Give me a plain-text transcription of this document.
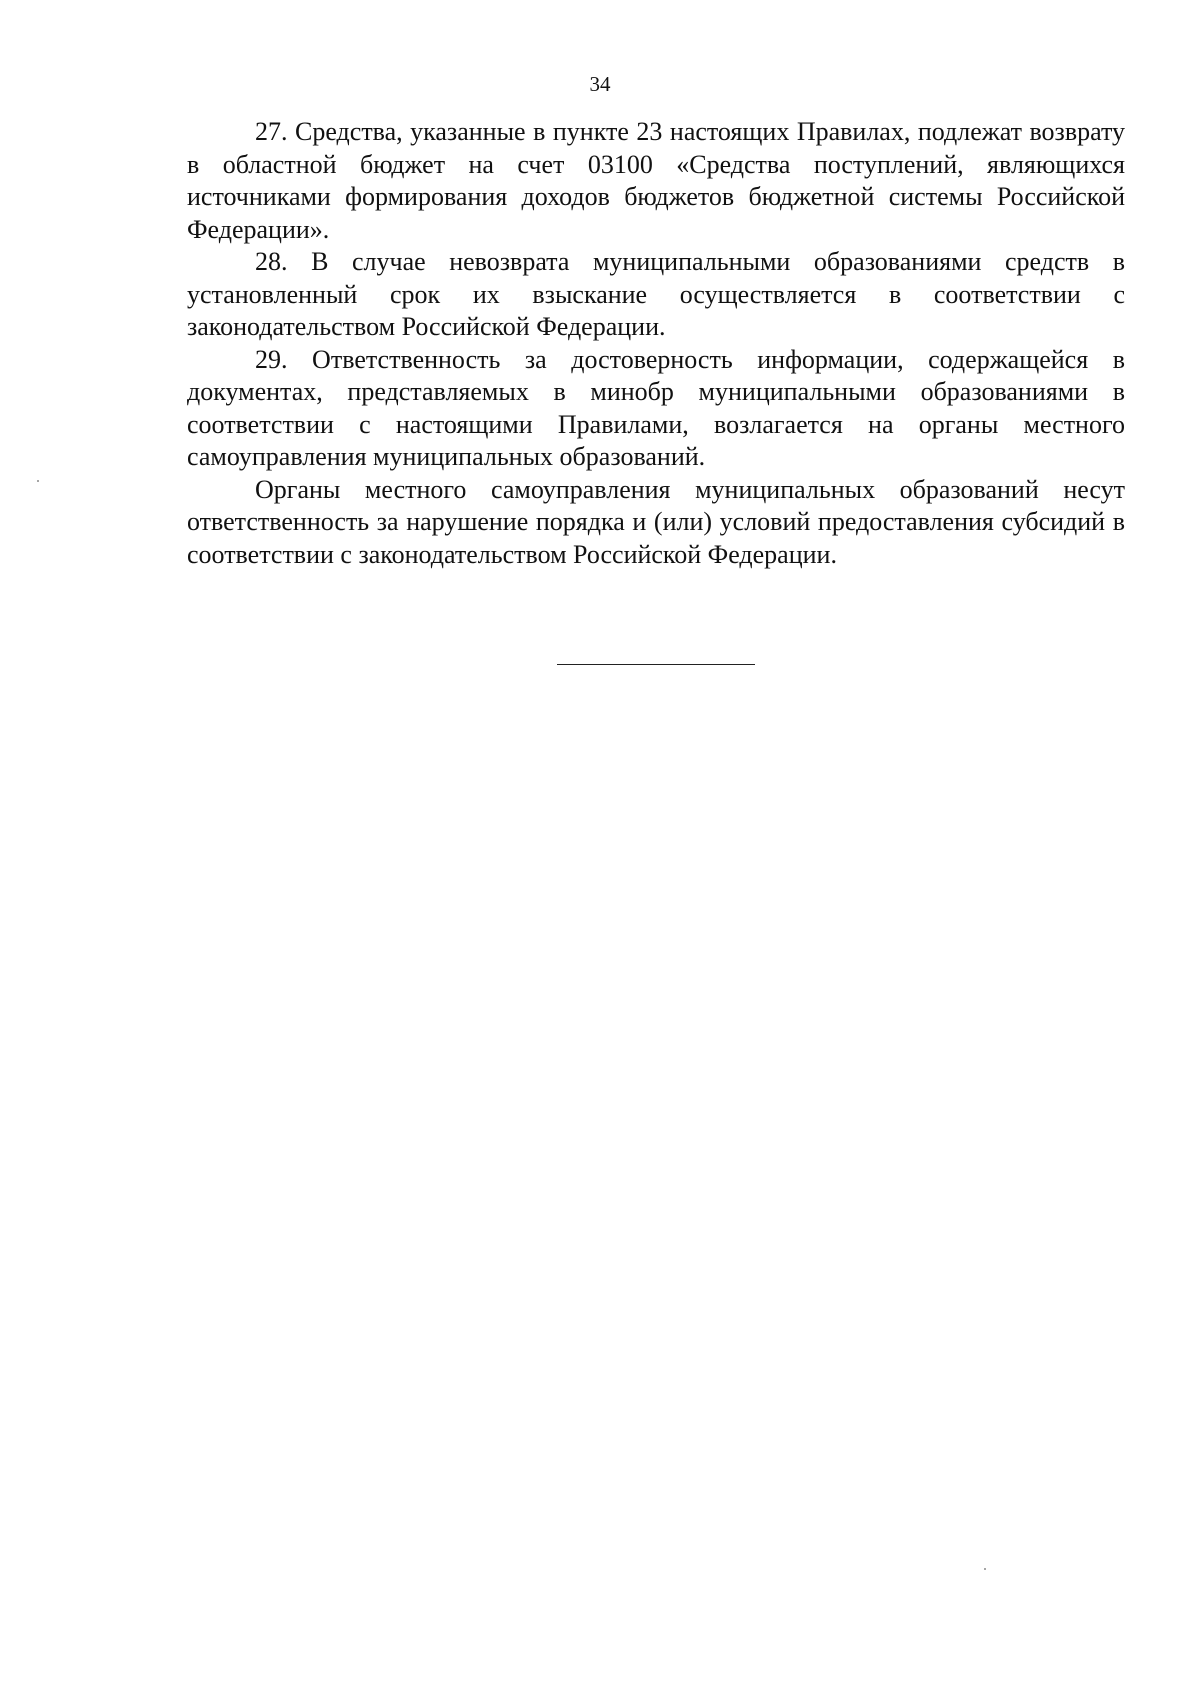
34

27. Средства, указанные в пункте 23 настоящих Правилах, подлежат возврату в областной бюджет на счет 03100 «Средства поступлений, являющихся источниками формирования доходов бюджетов бюджетной системы Российской Федерации».

28. В случае невозврата муниципальными образованиями средств в установленный срок их взыскание осуществляется в соответствии с законодательством Российской Федерации.

29. Ответственность за достоверность информации, содержащейся в документах, представляемых в минобр муниципальными образованиями в соответствии с настоящими Правилами, возлагается на органы местного самоуправления муниципальных образований.

Органы местного самоуправления муниципальных образований несут ответственность за нарушение порядка и (или) условий предоставления субсидий в соответствии с законодательством Российской Федерации.
